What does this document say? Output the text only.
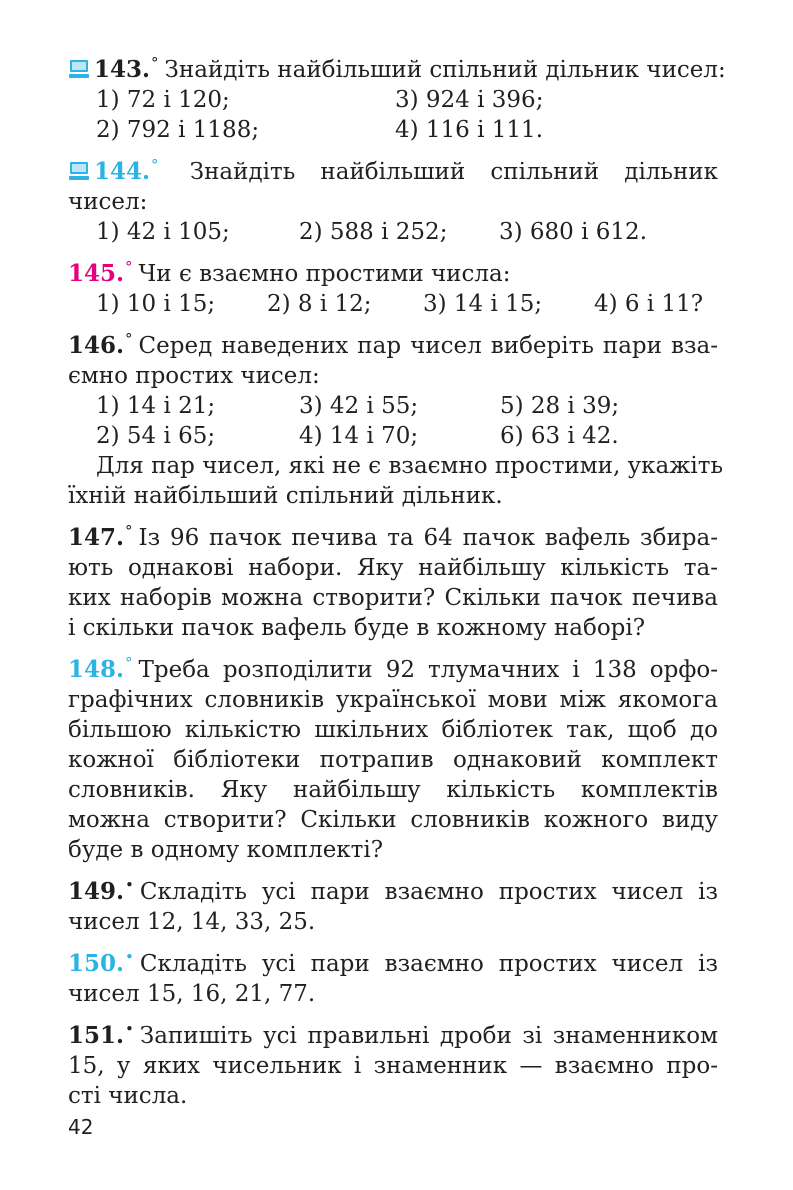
143.° Знайдіть найбільший спільний дільник чисел:
1) 72 і 120;	3) 924 і 396;
2) 792 і 1188;	4) 116 і 111.
144.° Знайдіть найбільший спільний дільник
чисел:
1) 42 і 105;	2) 588 і 252; 3) 680 і 612.
145.° Чи є взаємно простими числа:
1) 10 і 15; 2) 8 і 12; 3) 14 і 15; 4) 6 і 11?
146.° Серед наведених пар чисел виберіть пари вза-
ємно простих чисел:
1) 14 і 21;	3) 42 і 55;	5) 28 і 39;
2) 54 і 65;	4) 14 і 70;	6) 63 і 42.
Для пар чисел, які не є взаємно простими, укажіть
їхній найбільший спільний дільник.
147.° Із 96 пачок печива та 64 пачок вафель збира-
ють однакові набори. Яку найбільшу кількість та-
ких наборів можна створити? Скільки пачок печива
і скільки пачок вафель буде в кожному наборі?
148.° Треба розподілити 92 тлумачних і 138 орфо-
графічних словників української мови між якомога
більшою кількістю шкільних бібліотек так, щоб до
кожної бібліотеки потрапив однаковий комплект
словників. Яку найбільшу кількість комплектів
можна створити? Скільки словників кожного виду
буде в одному комплекті?
149.• Складіть усі пари взаємно простих чисел із
чисел 12, 14, 33, 25.
150.• Складіть усі пари взаємно простих чисел із
чисел 15, 16, 21, 77.
151.• Запишіть усі правильні дроби зі знаменником
15, у яких чисельник і знаменник — взаємно про-
сті числа.
42
